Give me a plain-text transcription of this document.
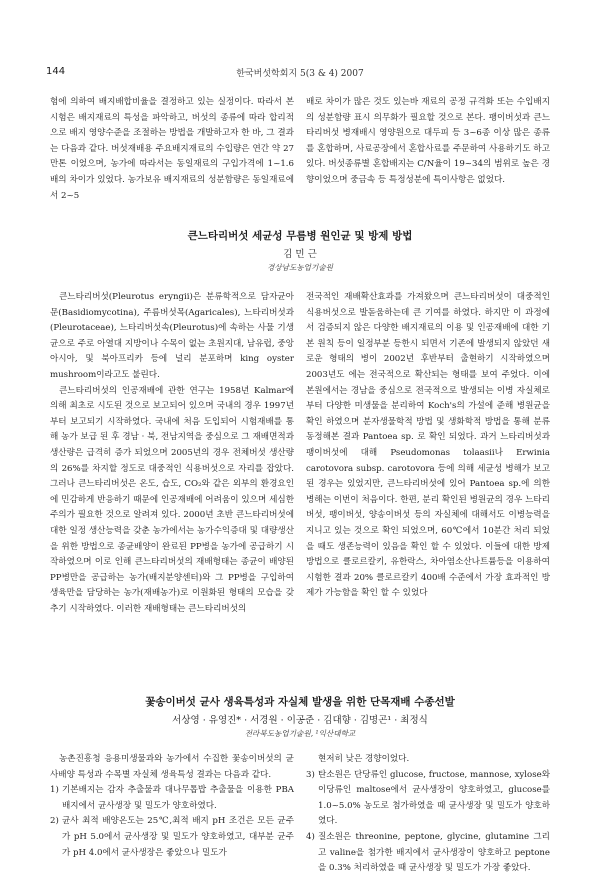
144	한국버섯학회지 5(3 & 4) 2007

험에 의하여 배지배합비율을 결정하고 있는 실정이다. 따라서 본 시험은 배지재료의 특성을 파악하고, 버섯의 종류에 따라 합리적으로 배지 영양수준을 조절하는 방법을 개발하고자 한 바, 그 결과는 다음과 같다. 버섯재배용 주요배지재료의 수입량은 연간 약 27만톤 이었으며, 농가에 따라서는 동일재료의 구입가격에 1~1.6배의 차이가 있었다. 농가보유 배지재료의 성분함량은 동일재료에서 2~5

배로 차이가 많은 것도 있는바 재료의 공정 규격화 또는 수입배지의 성분함량 표시 의무화가 필요할 것으로 본다. 팽이버섯과 큰느타리버섯 병재배시 영양원으로 대두피 등 3~6종 이상 많은 종류를 혼합하며, 사료공장에서 혼합사료를 주문하여 사용하기도 하고 있다. 버섯종류별 혼합배지는 C/N율이 19~34의 범위로 높은 경향이었으며 중금속 등 특정성분에 특이사항은 없었다.

큰느타리버섯 세균성 무름병 원인균 및 방제 방법
김 민 근
경상남도농업기술원

큰느타리버섯(Pleurotus eryngii)은 분류학적으로 담자균아문(Basidiomycotina), 주름버섯목(Agaricales), 느타리버섯과 (Pleurotaceae), 느타리버섯속(Pleurotus)에 속하는 사물 기생균으로 주로 아열대 지방이나 수목이 없는 초원지대, 남유럽, 중앙아시아, 및 북아프리카 등에 널리 분포하며 king oyster mushroom이라고도 불린다.

큰느타리버섯의 인공재배에 관한 연구는 1958년 Kalmar에 의해 최초로 시도된 것으로 보고되어 있으며 국내의 경우 1997년부터 보고되기 시작하였다. 국내에 처음 도입되어 시험재배를 통해 농가 보급 된 후 경남 · 북, 전남지역을 중심으로 그 재배면적과 생산량은 급격히 증가 되었으며 2005년의 경우 전체버섯 생산량의 26%를 차지할 정도로 대중적인 식용버섯으로 자리를 잡았다. 그러나 큰느타리버섯은 온도, 습도, CO₂와 같은 외부의 환경요인에 민감하게 반응하기 때문에 인공재배에 어려움이 있으며 세심한 주의가 필요한 것으로 알려져 있다. 2000년 초반 큰느타리버섯에 대한 일정 생산능력을 갖춘 농가에서는 농가수익증대 및 대량생산을 위한 방법으로 종균배양이 완료된 PP병을 농가에 공급하기 시작하였으며 이로 인해 큰느타리버섯의 재배형태는 종균이 배양된 PP병만을 공급하는 농가(배지분양센터)와 그 PP병을 구입하여 생육만을 담당하는 농가(재배농가)로 이원화된 형태의 모습을 갖추기 시작하였다. 이러한 재배형태는 큰느타리버섯의

전국적인 재배확산효과를 가져왔으며 큰느타리버섯이 대중적인 식용버섯으로 발돋움하는데 큰 기여를 하였다. 하지만 이 과정에서 검증되지 않은 다양한 배지재료의 이용 및 인공재배에 대한 기본 원칙 등이 일정부분 등한시 되면서 기존에 발생되지 않았던 새로운 형태의 병이 2002년 후반부터 출현하기 시작하였으며 2003년도 에는 전국적으로 확산되는 형태를 보여 주었다. 이에 본원에서는 경남을 중심으로 전국적으로 발생되는 이병 자실체로부터 다양한 미생물을 분리하여 Koch's의 가설에 준해 병원균을 확인 하였으며 분자생물학적 방법 및 생화학적 방법을 통해 분류 동정해본 결과 Pantoea sp. 로 확인 되었다. 과거 느타리버섯과 팽이버섯에 대해 Pseudomonas tolaasii나 Erwinia carotovora subsp. carotovora 등에 의해 세균성 병해가 보고된 경우는 있었지만, 큰느타리버섯에 있어 Pantoea sp.에 의한 병해는 이번이 처음이다. 한편, 분리 확인된 병원균의 경우 느타리버섯, 팽이버섯, 양송이버섯 등의 자실체에 대해서도 이병능력을 지니고 있는 것으로 확인 되었으며, 60℃에서 10분간 처리 되었을 때도 생존능력이 있음을 확인 할 수 있었다. 이들에 대한 방제방법으로 클로르칼키, 유한락스, 차아염소산나트륨등을 이용하여 시험한 결과 20% 클로르칼키 400배 수준에서 가장 효과적인 방제가 가능함을 확인 할 수 있었다

꽃송이버섯 균사 생육특성과 자실체 발생을 위한 단목재배 수종선발
서상영 · 유영진* · 서경원 · 이공준 · 김대향 · 김명곤¹ · 최정식
전라북도농업기술원, ¹익산대학교

농촌진흥청 응용미생물과와 농가에서 수집한 꽃송이버섯의 균사배양 특성과 수목별 자실체 생육특성 결과는 다음과 같다.

1) 기본배지는 감자 추출물과 대나무톱밥 추출물을 이용한 PBA 배지에서 균사생장 및 밀도가 양호하였다.

2) 균사 최적 배양온도는 25℃,최적 배지 pH 조건은 모든 균주가 pH 5.0에서 균사생장 및 밀도가 양호하였고, 대부분 균주가 pH 4.0에서 균사생장은 좋았으나 밀도가

현저히 낮은 경향이었다.

3) 탄소원은 단당류인 glucose, fructose, mannose, xylose와 이당류인 maltose에서 균사생장이 양호하였고, glucose를 1.0~5.0% 농도로 첨가하였을 때 균사생장 및 밀도가 양호하였다.

4) 질소원은 threonine, peptone, glycine, glutamine 그리고 valine을 첨가한 배지에서 균사생장이 양호하고 peptone을 0.3% 처리하였을 때 균사생장 및 밀도가 가장 좋았다.
